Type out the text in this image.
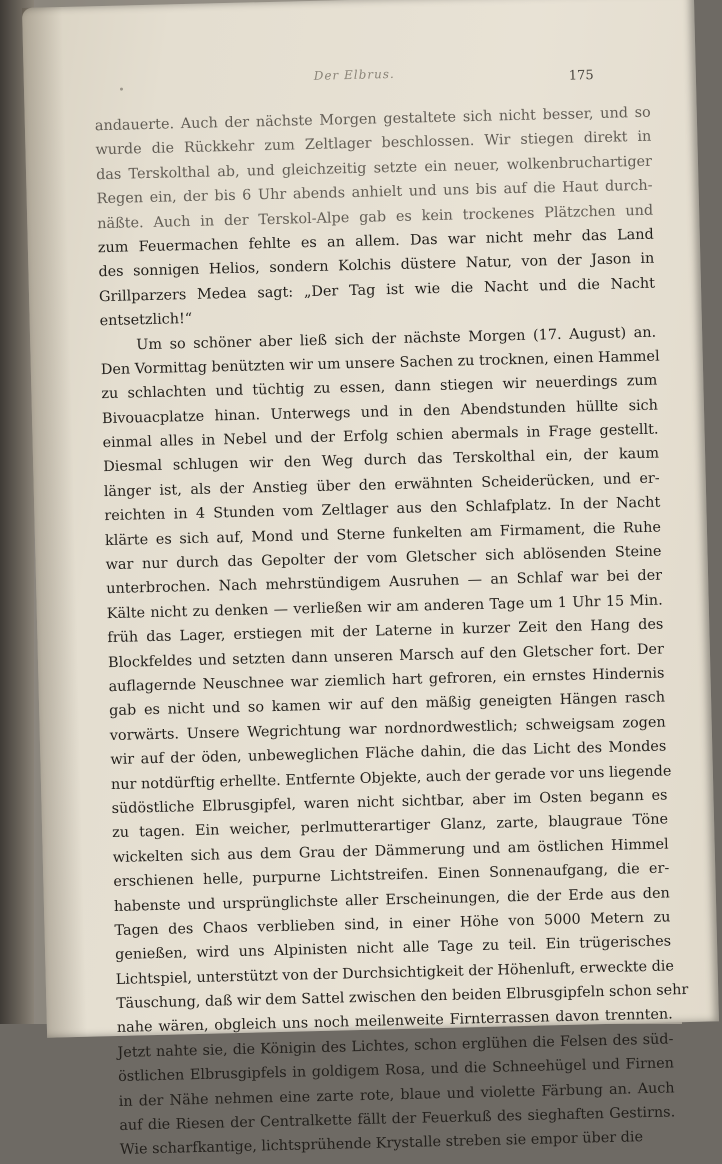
Der Elbrus.	175
andauerte. Auch der nächste Morgen gestaltete sich nicht besser, und so
wurde die Rückkehr zum Zeltlager beschlossen. Wir stiegen direkt in
das Terskolthal ab, und gleichzeitig setzte ein neuer, wolkenbruchartiger
Regen ein, der bis 6 Uhr abends anhielt und uns bis auf die Haut durch-
näßte. Auch in der Terskol-Alpe gab es kein trockenes Plätzchen und
zum Feuermachen fehlte es an allem. Das war nicht mehr das Land
des sonnigen Helios, sondern Kolchis düstere Natur, von der Jason in
Grillparzers Medea sagt: „Der Tag ist wie die Nacht und die Nacht
entsetzlich!“
Um so schöner aber ließ sich der nächste Morgen (17. August) an.
Den Vormittag benützten wir um unsere Sachen zu trocknen, einen Hammel
zu schlachten und tüchtig zu essen, dann stiegen wir neuerdings zum
Bivouacplatze hinan. Unterwegs und in den Abendstunden hüllte sich
einmal alles in Nebel und der Erfolg schien abermals in Frage gestellt.
Diesmal schlugen wir den Weg durch das Terskolthal ein, der kaum
länger ist, als der Anstieg über den erwähnten Scheiderücken, und er-
reichten in 4 Stunden vom Zeltlager aus den Schlafplatz. In der Nacht
klärte es sich auf, Mond und Sterne funkelten am Firmament, die Ruhe
war nur durch das Gepolter der vom Gletscher sich ablösenden Steine
unterbrochen. Nach mehrstündigem Ausruhen — an Schlaf war bei der
Kälte nicht zu denken — verließen wir am anderen Tage um 1 Uhr 15 Min.
früh das Lager, erstiegen mit der Laterne in kurzer Zeit den Hang des
Blockfeldes und setzten dann unseren Marsch auf den Gletscher fort. Der
auflagernde Neuschnee war ziemlich hart gefroren, ein ernstes Hindernis
gab es nicht und so kamen wir auf den mäßig geneigten Hängen rasch
vorwärts. Unsere Wegrichtung war nordnordwestlich; schweigsam zogen
wir auf der öden, unbeweglichen Fläche dahin, die das Licht des Mondes
nur notdürftig erhellte. Entfernte Objekte, auch der gerade vor uns liegende
südöstliche Elbrusgipfel, waren nicht sichtbar, aber im Osten begann es
zu tagen. Ein weicher, perlmutterartiger Glanz, zarte, blaugraue Töne
wickelten sich aus dem Grau der Dämmerung und am östlichen Himmel
erschienen helle, purpurne Lichtstreifen. Einen Sonnenaufgang, die er-
habenste und ursprünglichste aller Erscheinungen, die der Erde aus den
Tagen des Chaos verblieben sind, in einer Höhe von 5000 Metern zu
genießen, wird uns Alpinisten nicht alle Tage zu teil. Ein trügerisches
Lichtspiel, unterstützt von der Durchsichtigkeit der Höhenluft, erweckte die
Täuschung, daß wir dem Sattel zwischen den beiden Elbrusgipfeln schon sehr
nahe wären, obgleich uns noch meilenweite Firnterrassen davon trennten.
Jetzt nahte sie, die Königin des Lichtes, schon erglühen die Felsen des süd-
östlichen Elbrusgipfels in goldigem Rosa, und die Schneehügel und Firnen
in der Nähe nehmen eine zarte rote, blaue und violette Färbung an. Auch
auf die Riesen der Centralkette fällt der Feuerkuß des sieghaften Gestirns.
Wie scharfkantige, lichtsprühende Krystalle streben sie empor über die
